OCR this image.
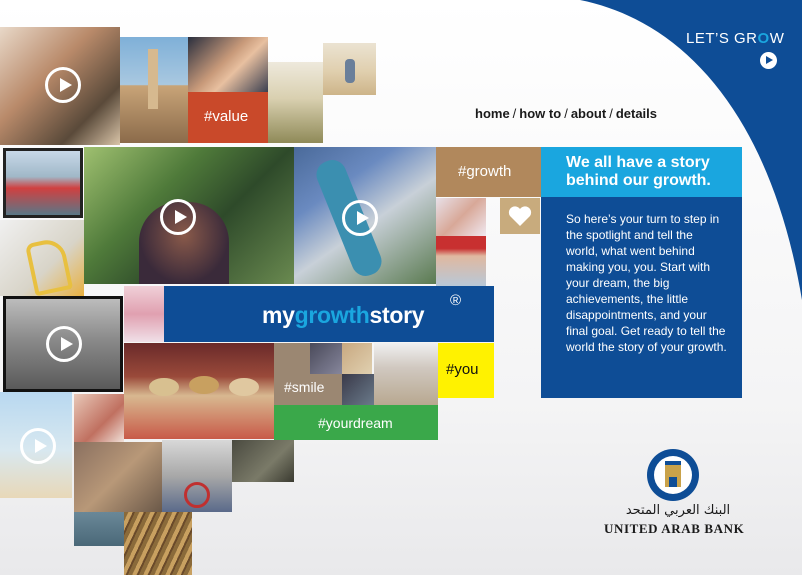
LET’S GROW
home / how to / about / details
#value
#growth
mygrowthstory
®
#smile
#you
#yourdream
We all have a story behind our growth.
So here’s your turn to step in the spotlight and tell the world, what went behind making you, you. Start with your dream, the big achievements, the little disappointments, and your final goal. Get ready to tell the world the story of your growth.
البنك العربي المتحد
UNITED ARAB BANK
